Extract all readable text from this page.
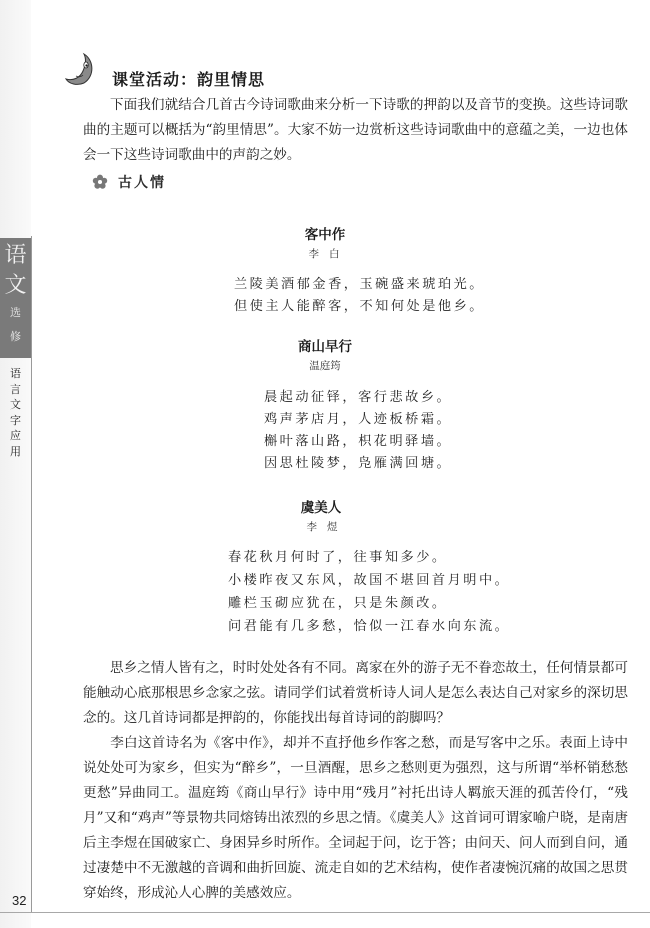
语
文
选
修
语
言
文
字
应
用
课堂活动：韵里情思
下面我们就结合几首古今诗词歌曲来分析一下诗歌的押韵以及音节的变换。这些诗词歌曲的主题可以概括为“韵里情思”。大家不妨一边赏析这些诗词歌曲中的意蕴之美，一边也体会一下这些诗词歌曲中的声韵之妙。
古人情
客中作
李白
兰陵美酒郁金香，玉碗盛来琥珀光。
但使主人能醉客，不知何处是他乡。
商山早行
温庭筠
晨起动征铎，客行悲故乡。
鸡声茅店月，人迹板桥霜。
槲叶落山路，枳花明驿墙。
因思杜陵梦，凫雁满回塘。
虞美人
李煜
春花秋月何时了，往事知多少。
小楼昨夜又东风，故国不堪回首月明中。
雕栏玉砌应犹在，只是朱颜改。
问君能有几多愁，恰似一江春水向东流。
思乡之情人皆有之，时时处处各有不同。离家在外的游子无不眷恋故土，任何情景都可能触动心底那根思乡念家之弦。请同学们试着赏析诗人词人是怎么表达自己对家乡的深切思念的。这几首诗词都是押韵的，你能找出每首诗词的韵脚吗？
李白这首诗名为《客中作》，却并不直抒他乡作客之愁，而是写客中之乐。表面上诗中说处处可为家乡，但实为“醉乡”，一旦酒醒，思乡之愁则更为强烈，这与所谓“举杯销愁愁更愁”异曲同工。温庭筠《商山早行》诗中用“残月”衬托出诗人羁旅天涯的孤苦伶仃，“残月”又和“鸡声”等景物共同熔铸出浓烈的乡思之情。《虞美人》这首词可谓家喻户晓，是南唐后主李煜在国破家亡、身困异乡时所作。全词起于问，讫于答；由问天、问人而到自问，通过凄楚中不无激越的音调和曲折回旋、流走自如的艺术结构，使作者凄惋沉痛的故国之思贯穿始终，形成沁人心脾的美感效应。
32
